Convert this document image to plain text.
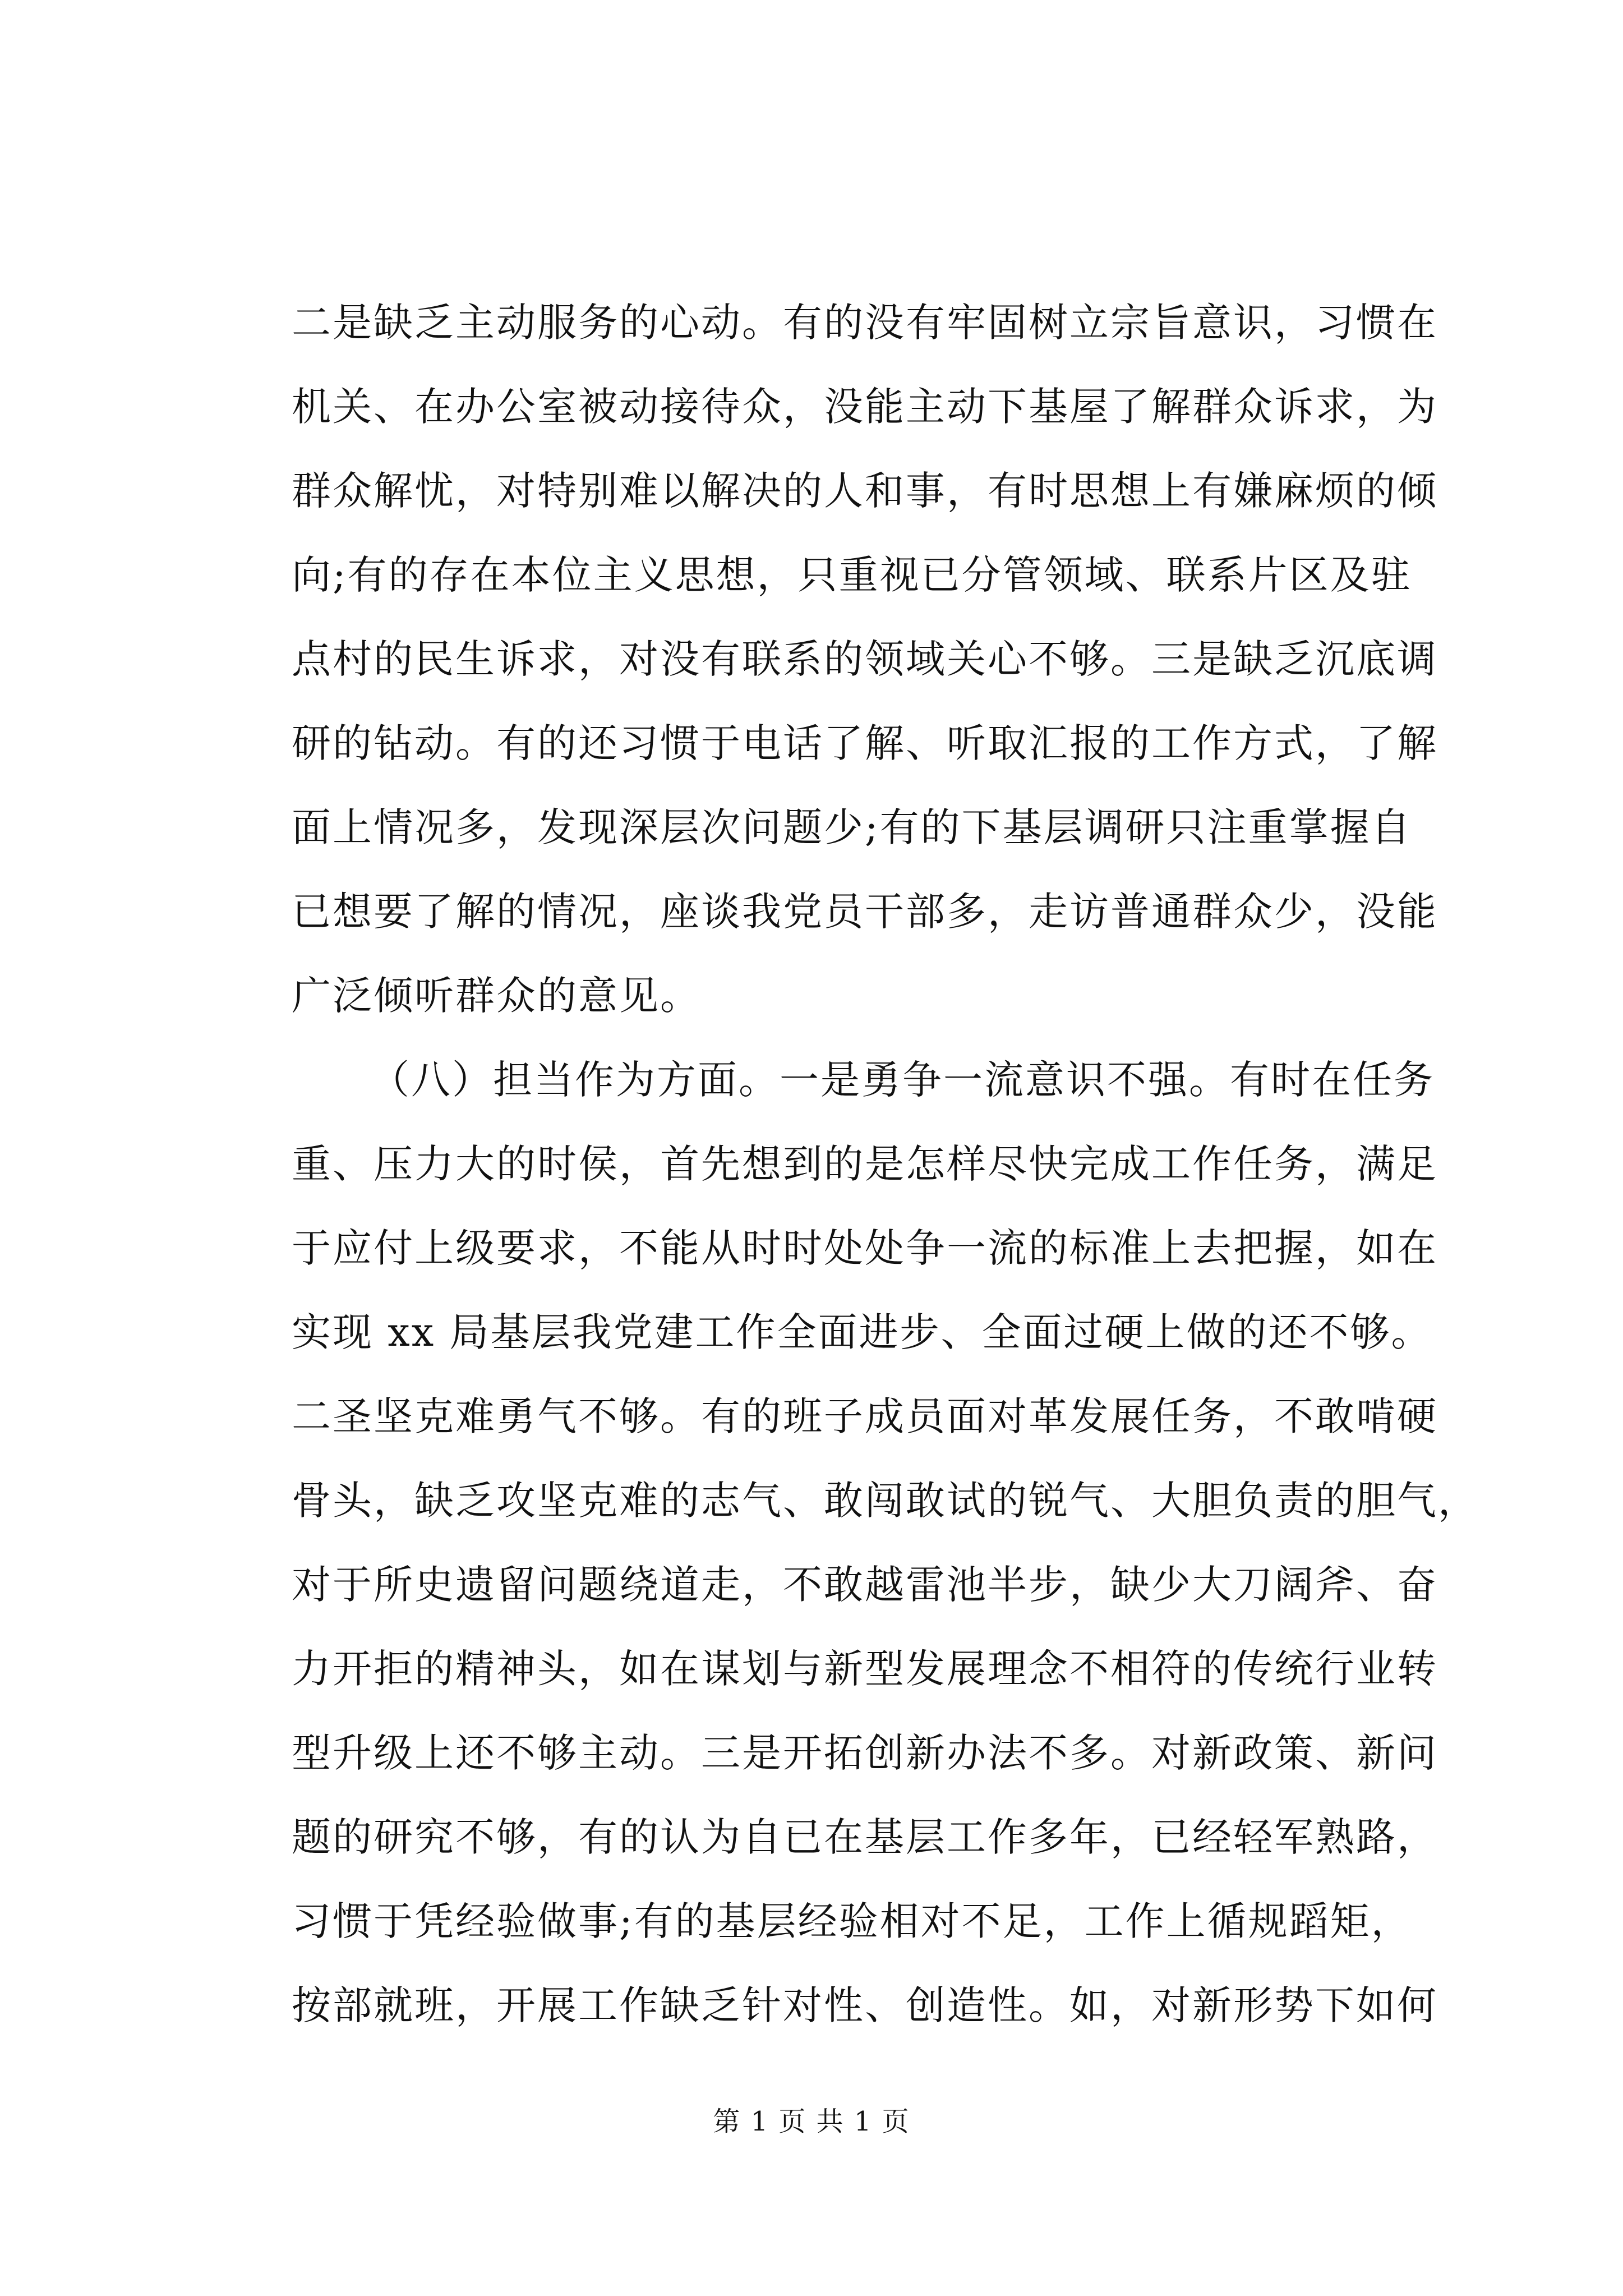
二是缺乏主动服务的心动。有的没有牢固树立宗旨意识，习惯在
机关、在办公室被动接待众，没能主动下基屋了解群众诉求，为
群众解忧，对特别难以解决的人和事，有时思想上有嫌麻烦的倾
向;有的存在本位主义思想，只重视已分管领域、联系片区及驻
点村的民生诉求，对没有联系的领域关心不够。三是缺乏沉底调
研的钻动。有的还习惯于电话了解、听取汇报的工作方式，了解
面上情况多，发现深层次问题少;有的下基层调研只注重掌握自
已想要了解的情况，座谈我党员干部多，走访普通群众少，没能
广泛倾听群众的意见。
（八）担当作为方面。一是勇争一流意识不强。有时在任务
重、压力大的时侯，首先想到的是怎样尽快完成工作任务，满足
于应付上级要求，不能从时时处处争一流的标准上去把握，如在
实现 xx 局基层我党建工作全面进步、全面过硬上做的还不够。
二圣坚克难勇气不够。有的班子成员面对革发展任务，不敢啃硬
骨头，缺乏攻坚克难的志气、敢闯敢试的锐气、大胆负责的胆气，
对于所史遗留问题绕道走，不敢越雷池半步，缺少大刀阔斧、奋
力开拒的精神头，如在谋划与新型发展理念不相符的传统行业转
型升级上还不够主动。三是开拓创新办法不多。对新政策、新问
题的研究不够，有的认为自已在基层工作多年，已经轻军熟路，
习惯于凭经验做事;有的基层经验相对不足，工作上循规蹈矩，
按部就班，开展工作缺乏针对性、创造性。如，对新形势下如何
第 1 页 共 1 页
